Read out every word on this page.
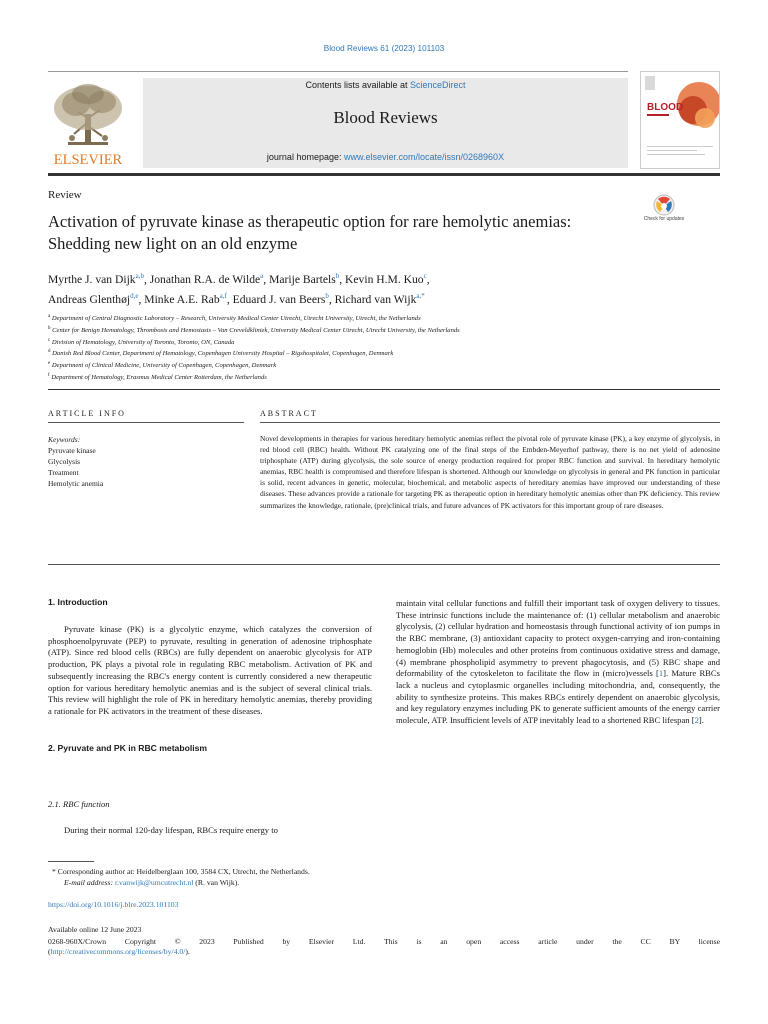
Blood Reviews 61 (2023) 101103
ELSEVIER
Contents lists available at ScienceDirect
Blood Reviews
journal homepage: www.elsevier.com/locate/issn/0268960X
BLOOD
Review
Activation of pyruvate kinase as therapeutic option for rare hemolytic anemias: Shedding new light on an old enzyme
Check for updates
Myrthe J. van Dijk$^{a,b}$, Jonathan R.A. de Wilde$^a$, Marije Bartels$^b$, Kevin H.M. Kuo$^c$,
Andreas Glenthøj$^{d,e}$, Minke A.E. Rab$^{a,f}$, Eduard J. van Beers$^b$, Richard van Wijk$^{a,*}$
$^a$ Department of Central Diagnostic Laboratory – Research, University Medical Center Utrecht, Utrecht University, Utrecht, the Netherlands
$^b$ Center for Benign Hematology, Thrombosis and Hemostasis – Van Creveldkliniek, University Medical Center Utrecht, Utrecht University, the Netherlands
$^c$ Division of Hematology, University of Toronto, Toronto, ON, Canada
$^d$ Danish Red Blood Center, Department of Hematology, Copenhagen University Hospital – Rigshospitalet, Copenhagen, Denmark
$^e$ Department of Clinical Medicine, University of Copenhagen, Copenhagen, Denmark
$^f$ Department of Hematology, Erasmus Medical Center Rotterdam, the Netherlands
ARTICLE INFO
Keywords:
Pyruvate kinase
Glycolysis
Treatment
Hemolytic anemia
ABSTRACT
Novel developments in therapies for various hereditary hemolytic anemias reflect the pivotal role of pyruvate kinase (PK), a key enzyme of glycolysis, in red blood cell (RBC) health. Without PK catalyzing one of the final steps of the Embden-Meyerhof pathway, there is no net yield of adenosine triphosphate (ATP) during glycolysis, the sole source of energy production required for proper RBC function and survival. In hereditary hemolytic anemias, RBC health is compromised and therefore lifespan is shortened. Although our knowledge on glycolysis in general and PK function in particular is solid, recent advances in genetic, molecular, biochemical, and metabolic aspects of hereditary anemias have improved our understanding of these diseases. These advances provide a rationale for targeting PK as therapeutic option in hereditary hemolytic anemias other than PK deficiency. This review summarizes the knowledge, rationale, (pre)clinical trials, and future advances of PK activators for this important group of rare diseases.
1. Introduction
Pyruvate kinase (PK) is a glycolytic enzyme, which catalyzes the conversion of phosphoenolpyruvate (PEP) to pyruvate, resulting in generation of adenosine triphosphate (ATP). Since red blood cells (RBCs) are fully dependent on anaerobic glycolysis for ATP production, PK plays a pivotal role in regulating RBC metabolism. Activation of PK and subsequently increasing the RBC's energy content is currently considered a new therapeutic option for various hereditary hemolytic anemias and is the subject of several clinical trials. This review will highlight the role of PK in hereditary hemolytic anemias, thereby providing a rationale for PK activators in the treatment of these diseases.
2. Pyruvate and PK in RBC metabolism
2.1. RBC function
During their normal 120-day lifespan, RBCs require energy to
maintain vital cellular functions and fulfill their important task of oxygen delivery to tissues. These intrinsic functions include the maintenance of: (1) cellular metabolism and anaerobic glycolysis, (2) cellular hydration and homeostasis through functional activity of ion pumps in the RBC membrane, (3) antioxidant capacity to protect oxygen-carrying and iron-containing hemoglobin (Hb) molecules and other proteins from continuous oxidative stress and damage, (4) membrane phospholipid asymmetry to prevent phagocytosis, and (5) RBC shape and deformability of the cytoskeleton to facilitate the flow in (micro)vessels [1]. Mature RBCs lack a nucleus and cytoplasmic organelles including mitochondria, and, consequently, the ability to synthesize proteins. This makes RBCs entirely dependent on anaerobic glycolysis, and key regulatory enzymes including PK to generate sufficient amounts of the energy carrier molecule, ATP. Insufficient levels of ATP inevitably lead to a shortened RBC lifespan [2].
* Corresponding author at: Heidelberglaan 100, 3584 CX, Utrecht, the Netherlands.
E-mail address: r.vanwijk@umcutrecht.nl (R. van Wijk).
https://doi.org/10.1016/j.blre.2023.101103
Available online 12 June 2023
0268-960X/Crown Copyright © 2023 Published by Elsevier Ltd. This is an open access article under the CC BY license
(http://creativecommons.org/licenses/by/4.0/).
